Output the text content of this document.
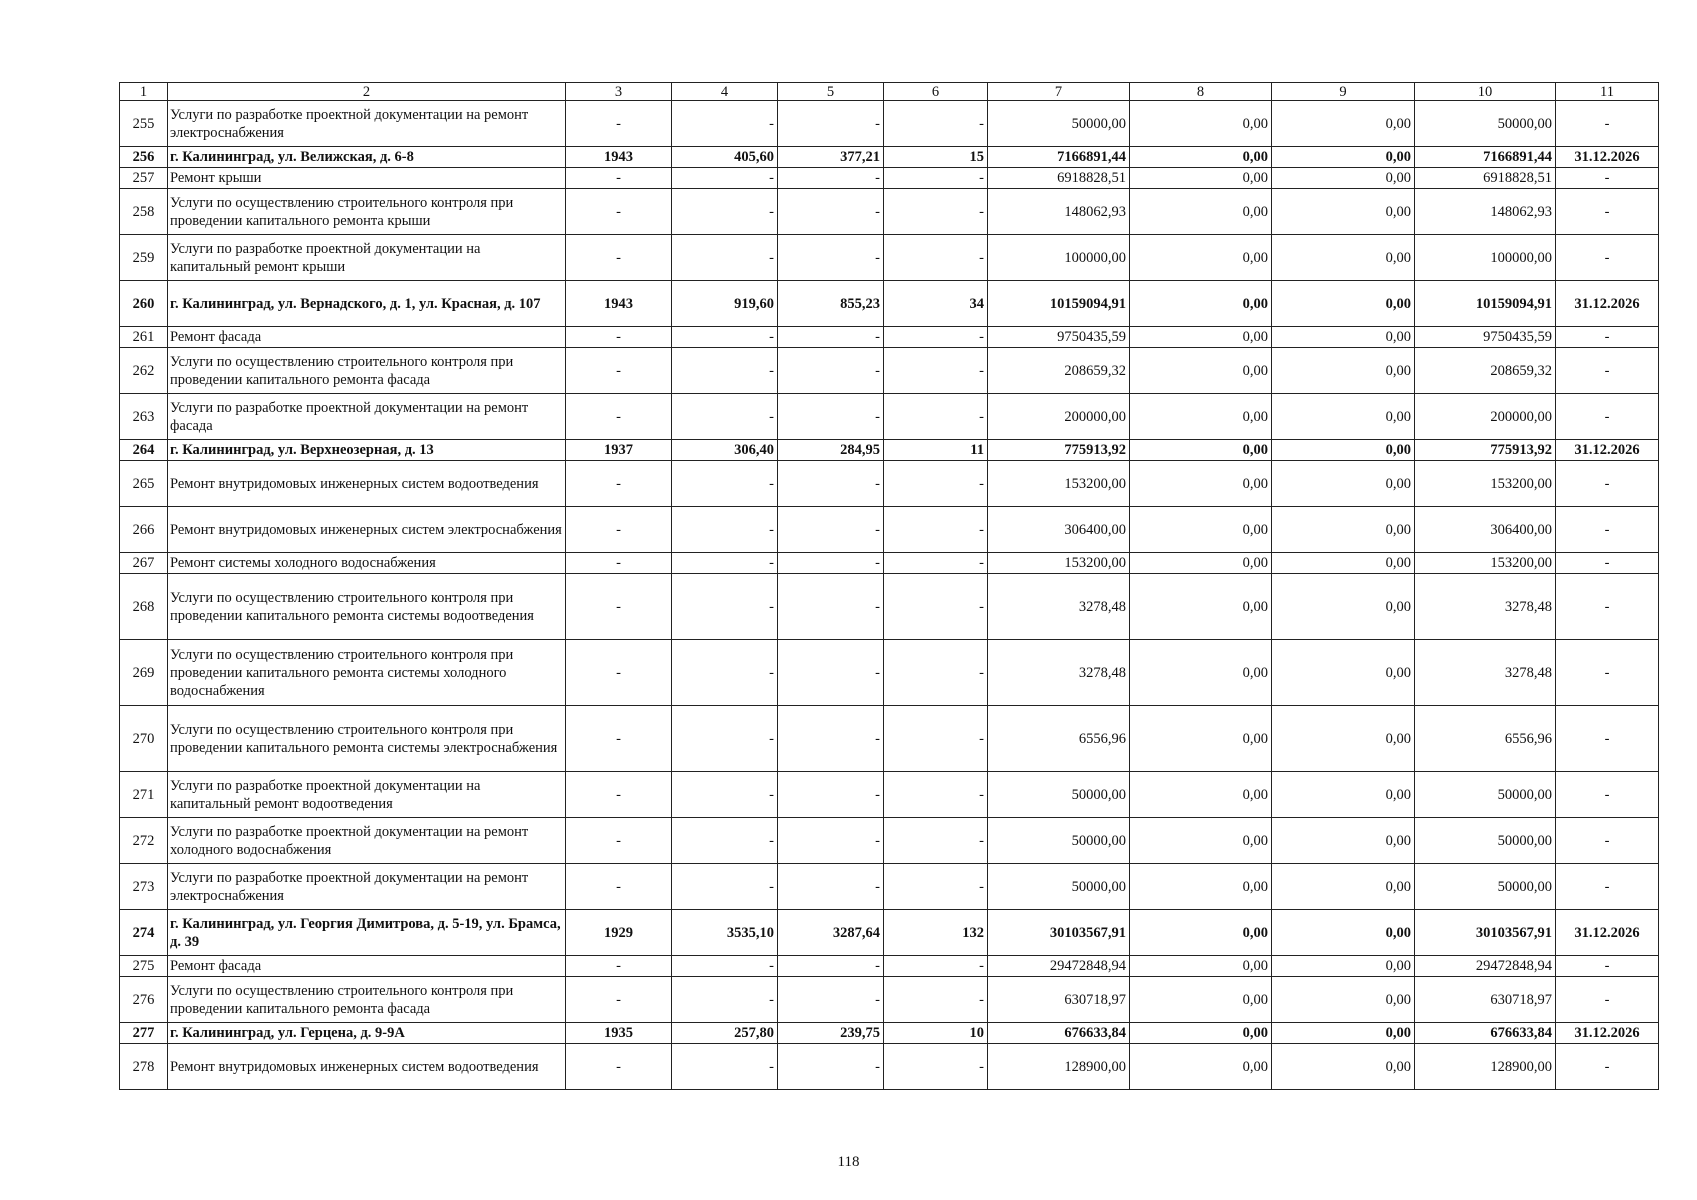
1	2	3	4	5	6	7	8	9	10	11
255	Услуги по разработке проектной документации на ремонт электроснабжения	-	-	-	-	50000,00	0,00	0,00	50000,00	-
256	г. Калининград, ул. Велижская, д. 6-8	1943	405,60	377,21	15	7166891,44	0,00	0,00	7166891,44	31.12.2026
257	Ремонт крыши	-	-	-	-	6918828,51	0,00	0,00	6918828,51	-
258	Услуги по осуществлению строительного контроля при проведении капитального ремонта крыши	-	-	-	-	148062,93	0,00	0,00	148062,93	-
259	Услуги по разработке проектной документации на капитальный ремонт крыши	-	-	-	-	100000,00	0,00	0,00	100000,00	-
260	г. Калининград, ул. Вернадского, д. 1, ул. Красная, д. 107	1943	919,60	855,23	34	10159094,91	0,00	0,00	10159094,91	31.12.2026
261	Ремонт фасада	-	-	-	-	9750435,59	0,00	0,00	9750435,59	-
262	Услуги по осуществлению строительного контроля при проведении капитального ремонта фасада	-	-	-	-	208659,32	0,00	0,00	208659,32	-
263	Услуги по разработке проектной документации на ремонт фасада	-	-	-	-	200000,00	0,00	0,00	200000,00	-
264	г. Калининград, ул. Верхнеозерная, д. 13	1937	306,40	284,95	11	775913,92	0,00	0,00	775913,92	31.12.2026
265	Ремонт внутридомовых инженерных систем водоотведения	-	-	-	-	153200,00	0,00	0,00	153200,00	-
266	Ремонт внутридомовых инженерных систем электроснабжения	-	-	-	-	306400,00	0,00	0,00	306400,00	-
267	Ремонт системы холодного водоснабжения	-	-	-	-	153200,00	0,00	0,00	153200,00	-
268	Услуги по осуществлению строительного контроля при проведении капитального ремонта системы водоотведения	-	-	-	-	3278,48	0,00	0,00	3278,48	-
269	Услуги по осуществлению строительного контроля при проведении капитального ремонта системы холодного водоснабжения	-	-	-	-	3278,48	0,00	0,00	3278,48	-
270	Услуги по осуществлению строительного контроля при проведении капитального ремонта системы электроснабжения	-	-	-	-	6556,96	0,00	0,00	6556,96	-
271	Услуги по разработке проектной документации на капитальный ремонт водоотведения	-	-	-	-	50000,00	0,00	0,00	50000,00	-
272	Услуги по разработке проектной документации на ремонт холодного водоснабжения	-	-	-	-	50000,00	0,00	0,00	50000,00	-
273	Услуги по разработке проектной документации на ремонт электроснабжения	-	-	-	-	50000,00	0,00	0,00	50000,00	-
274	г. Калининград, ул. Георгия Димитрова, д. 5-19, ул. Брамса, д. 39	1929	3535,10	3287,64	132	30103567,91	0,00	0,00	30103567,91	31.12.2026
275	Ремонт фасада	-	-	-	-	29472848,94	0,00	0,00	29472848,94	-
276	Услуги по осуществлению строительного контроля при проведении капитального ремонта фасада	-	-	-	-	630718,97	0,00	0,00	630718,97	-
277	г. Калининград, ул. Герцена, д. 9-9А	1935	257,80	239,75	10	676633,84	0,00	0,00	676633,84	31.12.2026
278	Ремонт внутридомовых инженерных систем водоотведения	-	-	-	-	128900,00	0,00	0,00	128900,00	-
118
